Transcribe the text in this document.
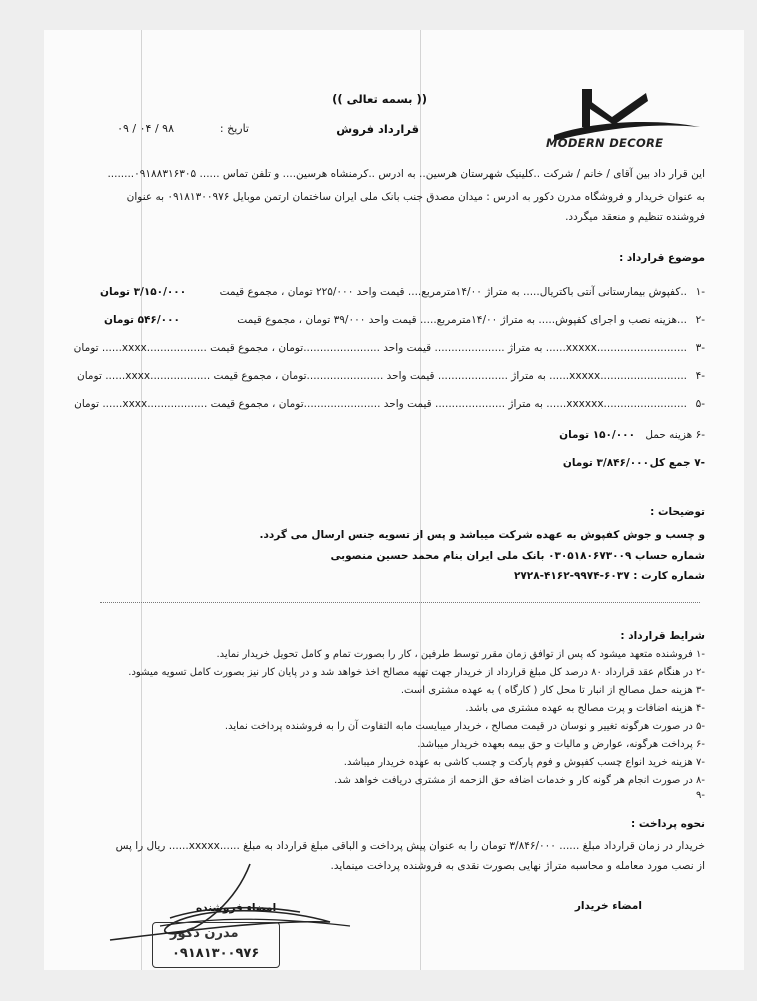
MODERN DECORE
(( بسمه تعالی ))
قرارداد فروش
تاریخ :
۹۸ / ۰۴ / ۰۹
این قرار داد بین آقای / خانم / شرکت ..کلینیک شهرستان هرسین.. به ادرس ..کرمنشاه هرسین.... و تلفن تماس ...... ۰۹۱۸۸۳۱۶۳۰۵........
به عنوان خریدار و فروشگاه مدرن دکور به ادرس : میدان مصدق جنب بانک ملی ایران ساختمان ارتمن موبایل ۰۹۱۸۱۳۰۰۹۷۶ به عنوان
فروشنده تنظیم و منعقد میگردد.
موضوع قرارداد :
-۱
..کفپوش بیمارستانی آنتی باکتریال..... به متراژ ۱۴/۰۰مترمربع.... قیمت واحد ۲۲۵/۰۰۰ تومان ، مجموع قیمت
۳/۱۵۰/۰۰۰ تومان
-۲
...هزینه نصب و اجرای کفپوش..... به متراژ ۱۴/۰۰مترمربع..... قیمت واحد ۳۹/۰۰۰ تومان ، مجموع قیمت
۵۴۶/۰۰۰ تومان
-۳
...........................xxxxx...... به متراژ ..................... قیمت واحد .......................تومان ، مجموع قیمت ..................xxxx...... تومان
-۴
..........................xxxxx...... به متراژ ..................... قیمت واحد .......................تومان ، مجموع قیمت ..................xxxx...... تومان
-۵
.........................xxxxxx...... به متراژ ..................... قیمت واحد .......................تومان ، مجموع قیمت ..................xxxx...... تومان
-۶ هزینه حمل
۱۵۰/۰۰۰ تومان
-۷ جمع کل
۳/۸۴۶/۰۰۰ تومان
توضیحات :
و چسب و جوش کفپوش به عهده شرکت میباشد و پس از تسویه جنس ارسال می گردد.
شماره حساب ۰۳۰۵۱۸۰۶۷۳۰۰۹ بانک ملی ایران بنام محمد حسین منصوبی
شماره کارت : ۶۰۳۷-۹۹۷۴-۴۱۶۲-۲۷۲۸
شرایط قرارداد :
-۱ فروشنده متعهد میشود که پس از توافق زمان مقرر توسط طرفین ، کار را بصورت تمام و کامل تحویل خریدار نماید.
-۲ در هنگام عقد قرارداد ۸۰ درصد کل مبلغ قرارداد از خریدار جهت تهیه مصالح اخذ خواهد شد و در پایان کار نیز بصورت کامل تسویه میشود.
-۳ هزینه حمل مصالح از انبار تا محل کار ( کارگاه ) به عهده مشتری است.
-۴ هزینه اضافات و پرت مصالح به عهده مشتری می باشد.
-۵ در صورت هرگونه تغییر و نوسان در قیمت مصالح ، خریدار میبایست مابه التفاوت آن را به فروشنده پرداخت نماید.
-۶ پرداخت هرگونه، عوارض و مالیات و حق بیمه بعهده خریدار میباشد.
-۷ هزینه خرید انواع چسب کفپوش و فوم پارکت و چسب کاشی به عهده خریدار میباشد.
-۸ در صورت انجام هر گونه کار و خدمات اضافه حق الزحمه از مشتری دریافت خواهد شد.
-۹
نحوه پرداخت :
خریدار در زمان قرارداد مبلغ ...... ۳/۸۴۶/۰۰۰ تومان را به عنوان پیش پرداخت و الباقی مبلغ قرارداد به مبلغ ......xxxxx...... ریال را پس
از نصب مورد معامله و محاسبه متراژ نهایی بصورت نقدی به فروشنده پرداخت مینماید.
امضاء خریدار
امضاء فروشنده
مدرن دکور
۰۹۱۸۱۳۰۰۹۷۶
